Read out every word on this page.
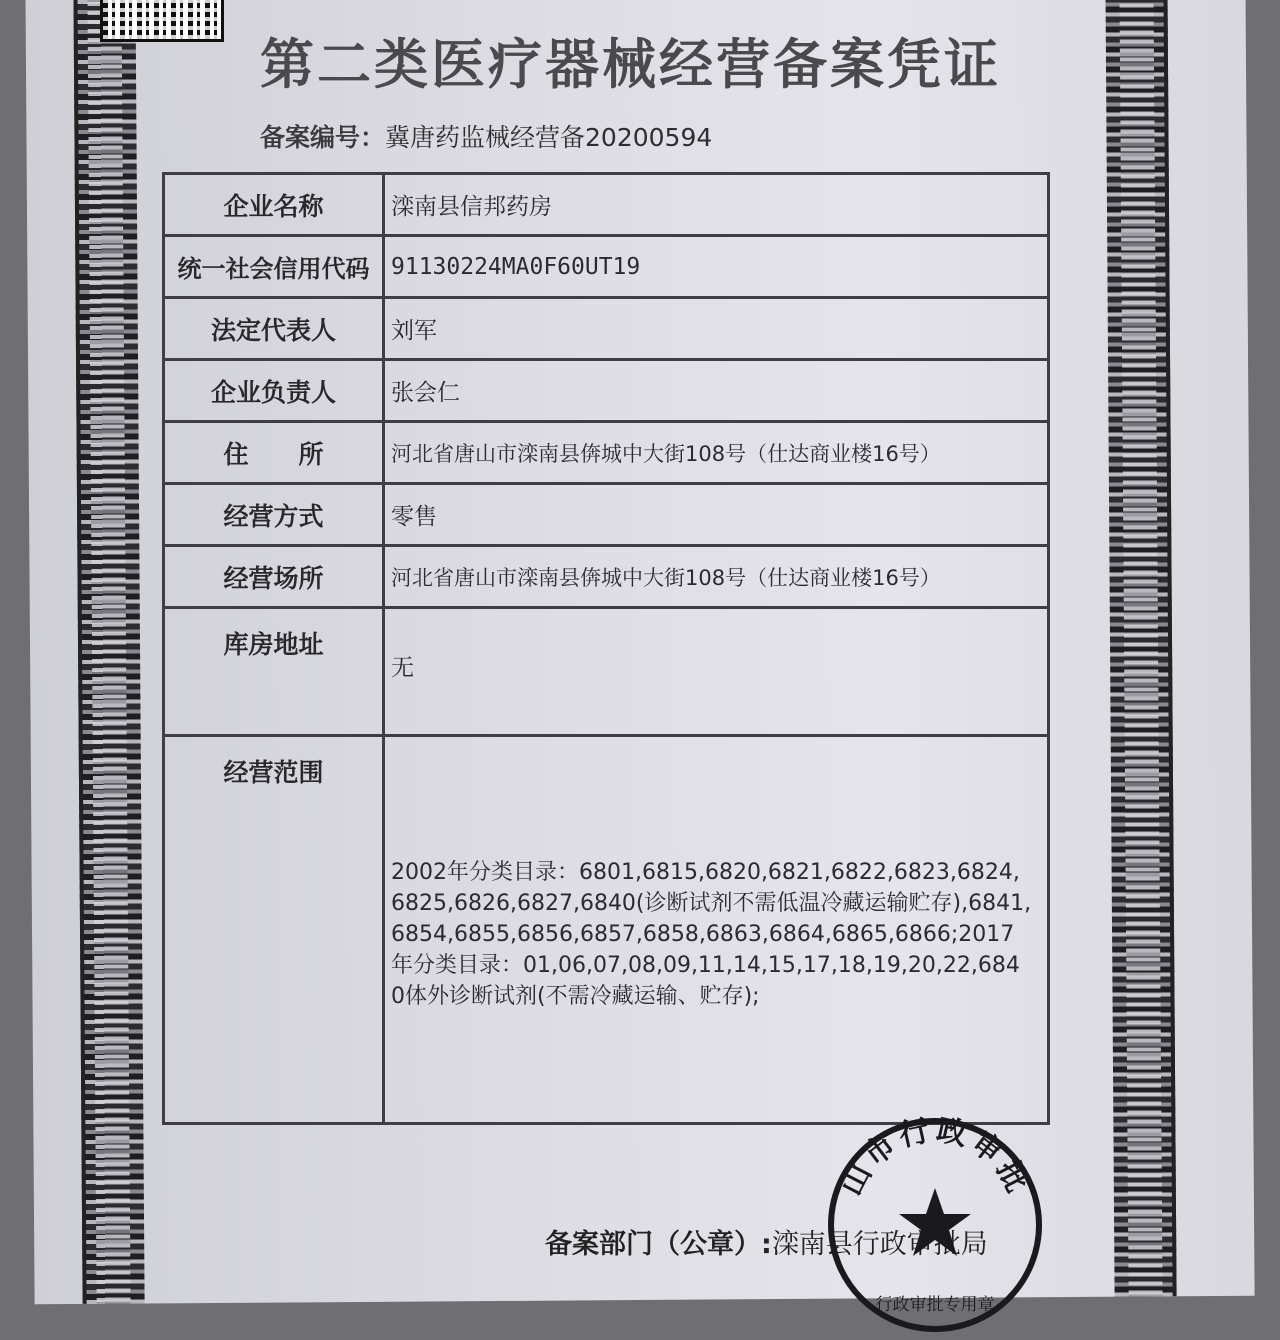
第二类医疗器械经营备案凭证
备案编号：冀唐药监械经营备20200594
企业名称	滦南县信邦药房
统一社会信用代码	91130224MA0F60UT19
法定代表人	刘军
企业负责人	张会仁
住　　所	河北省唐山市滦南县倴城中大街108号（仕达商业楼16号）
经营方式	零售
经营场所	河北省唐山市滦南县倴城中大街108号（仕达商业楼16号）
库房地址	无
经营范围	2002年分类目录：6801,6815,6820,6821,6822,6823,6824,6825,6826,6827,6840(诊断试剂不需低温冷藏运输贮存),6841,6854,6855,6856,6857,6858,6863,6864,6865,6866;2017年分类目录：01,06,07,08,09,11,14,15,17,18,19,20,22,6840体外诊断试剂(不需冷藏运输、贮存);
备案部门（公章）:滦南县行政审批局
山市行政审批
行政审批专用章
